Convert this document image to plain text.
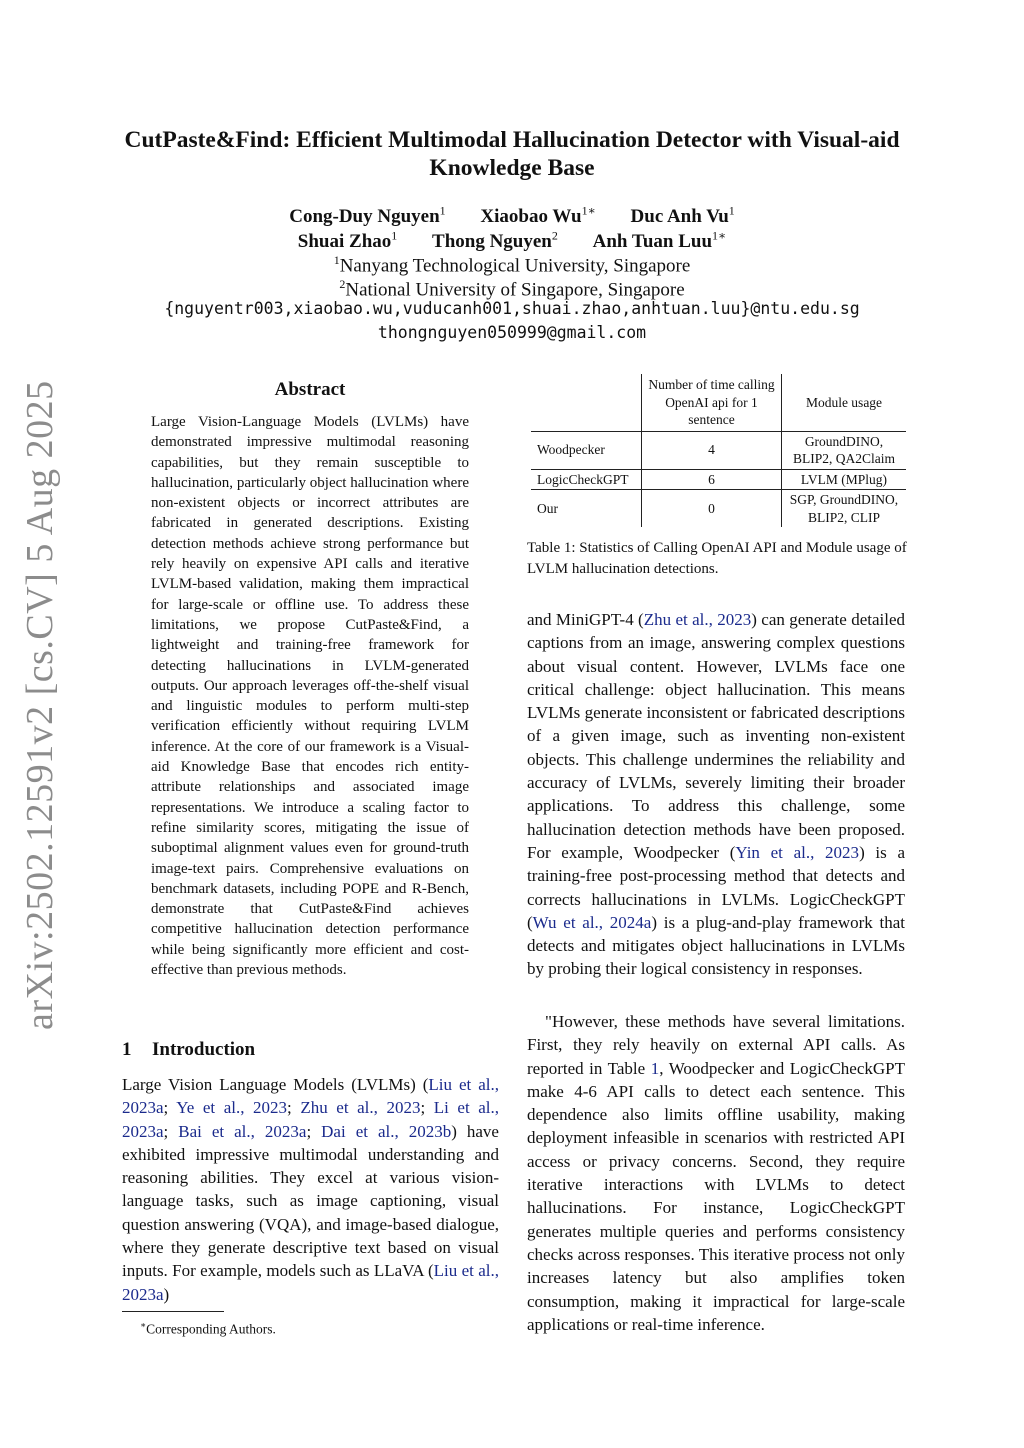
arXiv:2502.12591v2 [cs.CV] 5 Aug 2025
CutPaste&Find: Efficient Multimodal Hallucination Detector with Visual-aid Knowledge Base
Cong-Duy Nguyen$^1$ Xiaobao $Wu^{1∗}$ Duc Anh Vu$^1$
Shuai Zhao$^1$ Thong Nguyen$^2$ Anh Tuan Luu$^{1∗}$
$^1$Nanyang Technological University, Singapore
$^2$National University of Singapore, Singapore
{nguyentr003,xiaobao.wu,vuducanh001,shuai.zhao,anhtuan.luu}@ntu.edu.sg
thongnguyen050999@gmail.com
Abstract
Large Vision-Language Models (LVLMs) have demonstrated impressive multimodal reasoning capabilities, but they remain susceptible to hallucination, particularly object hallucination where non-existent objects or incorrect attributes are fabricated in generated descriptions. Existing detection methods achieve strong performance but rely heavily on expensive API calls and iterative LVLM-based validation, making them impractical for large-scale or offline use. To address these limitations, we propose CutPaste&Find, a lightweight and training-free framework for detecting hallucinations in LVLM-generated outputs. Our approach leverages off-the-shelf visual and linguistic modules to perform multi-step verification efficiently without requiring LVLM inference. At the core of our framework is a Visual-aid Knowledge Base that encodes rich entity-attribute relationships and associated image representations. We introduce a scaling factor to refine similarity scores, mitigating the issue of suboptimal alignment values even for ground-truth image-text pairs. Comprehensive evaluations on benchmark datasets, including POPE and R-Bench, demonstrate that CutPaste&Find achieves competitive hallucination detection performance while being significantly more efficient and cost-effective than previous methods.
1 Introduction
Large Vision Language Models (LVLMs) (Liu et al., 2023a; Ye et al., 2023; Zhu et al., 2023; Li et al., 2023a; Bai et al., 2023a; Dai et al., 2023b) have exhibited impressive multimodal understanding and reasoning abilities. They excel at various vision-language tasks, such as image captioning, visual question answering (VQA), and image-based dialogue, where they generate descriptive text based on visual inputs. For example, models such as LLaVA (Liu et al., 2023a)
∗Corresponding Authors.
	Number of time calling OpenAI api for 1 sentence	Module usage
Woodpecker	4	GroundDINO, BLIP2, QA2Claim
LogicCheckGPT	6	LVLM (MPlug)
Our	0	SGP, GroundDINO, BLIP2, CLIP
Table 1: Statistics of Calling OpenAI API and Module usage of LVLM hallucination detections.
and MiniGPT-4 (Zhu et al., 2023) can generate detailed captions from an image, answering complex questions about visual content. However, LVLMs face one critical challenge: object hallucination. This means LVLMs generate inconsistent or fabricated descriptions of a given image, such as inventing non-existent objects. This challenge undermines the reliability and accuracy of LVLMs, severely limiting their broader applications. To address this challenge, some hallucination detection methods have been proposed. For example, Woodpecker (Yin et al., 2023) is a training-free post-processing method that detects and corrects hallucinations in LVLMs. LogicCheckGPT (Wu et al., 2024a) is a plug-and-play framework that detects and mitigates object hallucinations in LVLMs by probing their logical consistency in responses.
"However, these methods have several limitations. First, they rely heavily on external API calls. As reported in Table 1, Woodpecker and LogicCheckGPT make 4-6 API calls to detect each sentence. This dependence also limits offline usability, making deployment infeasible in scenarios with restricted API access or privacy concerns. Second, they require iterative interactions with LVLMs to detect hallucinations. For instance, LogicCheckGPT generates multiple queries and performs consistency checks across responses. This iterative process not only increases latency but also amplifies token consumption, making it impractical for large-scale applications or real-time inference.
